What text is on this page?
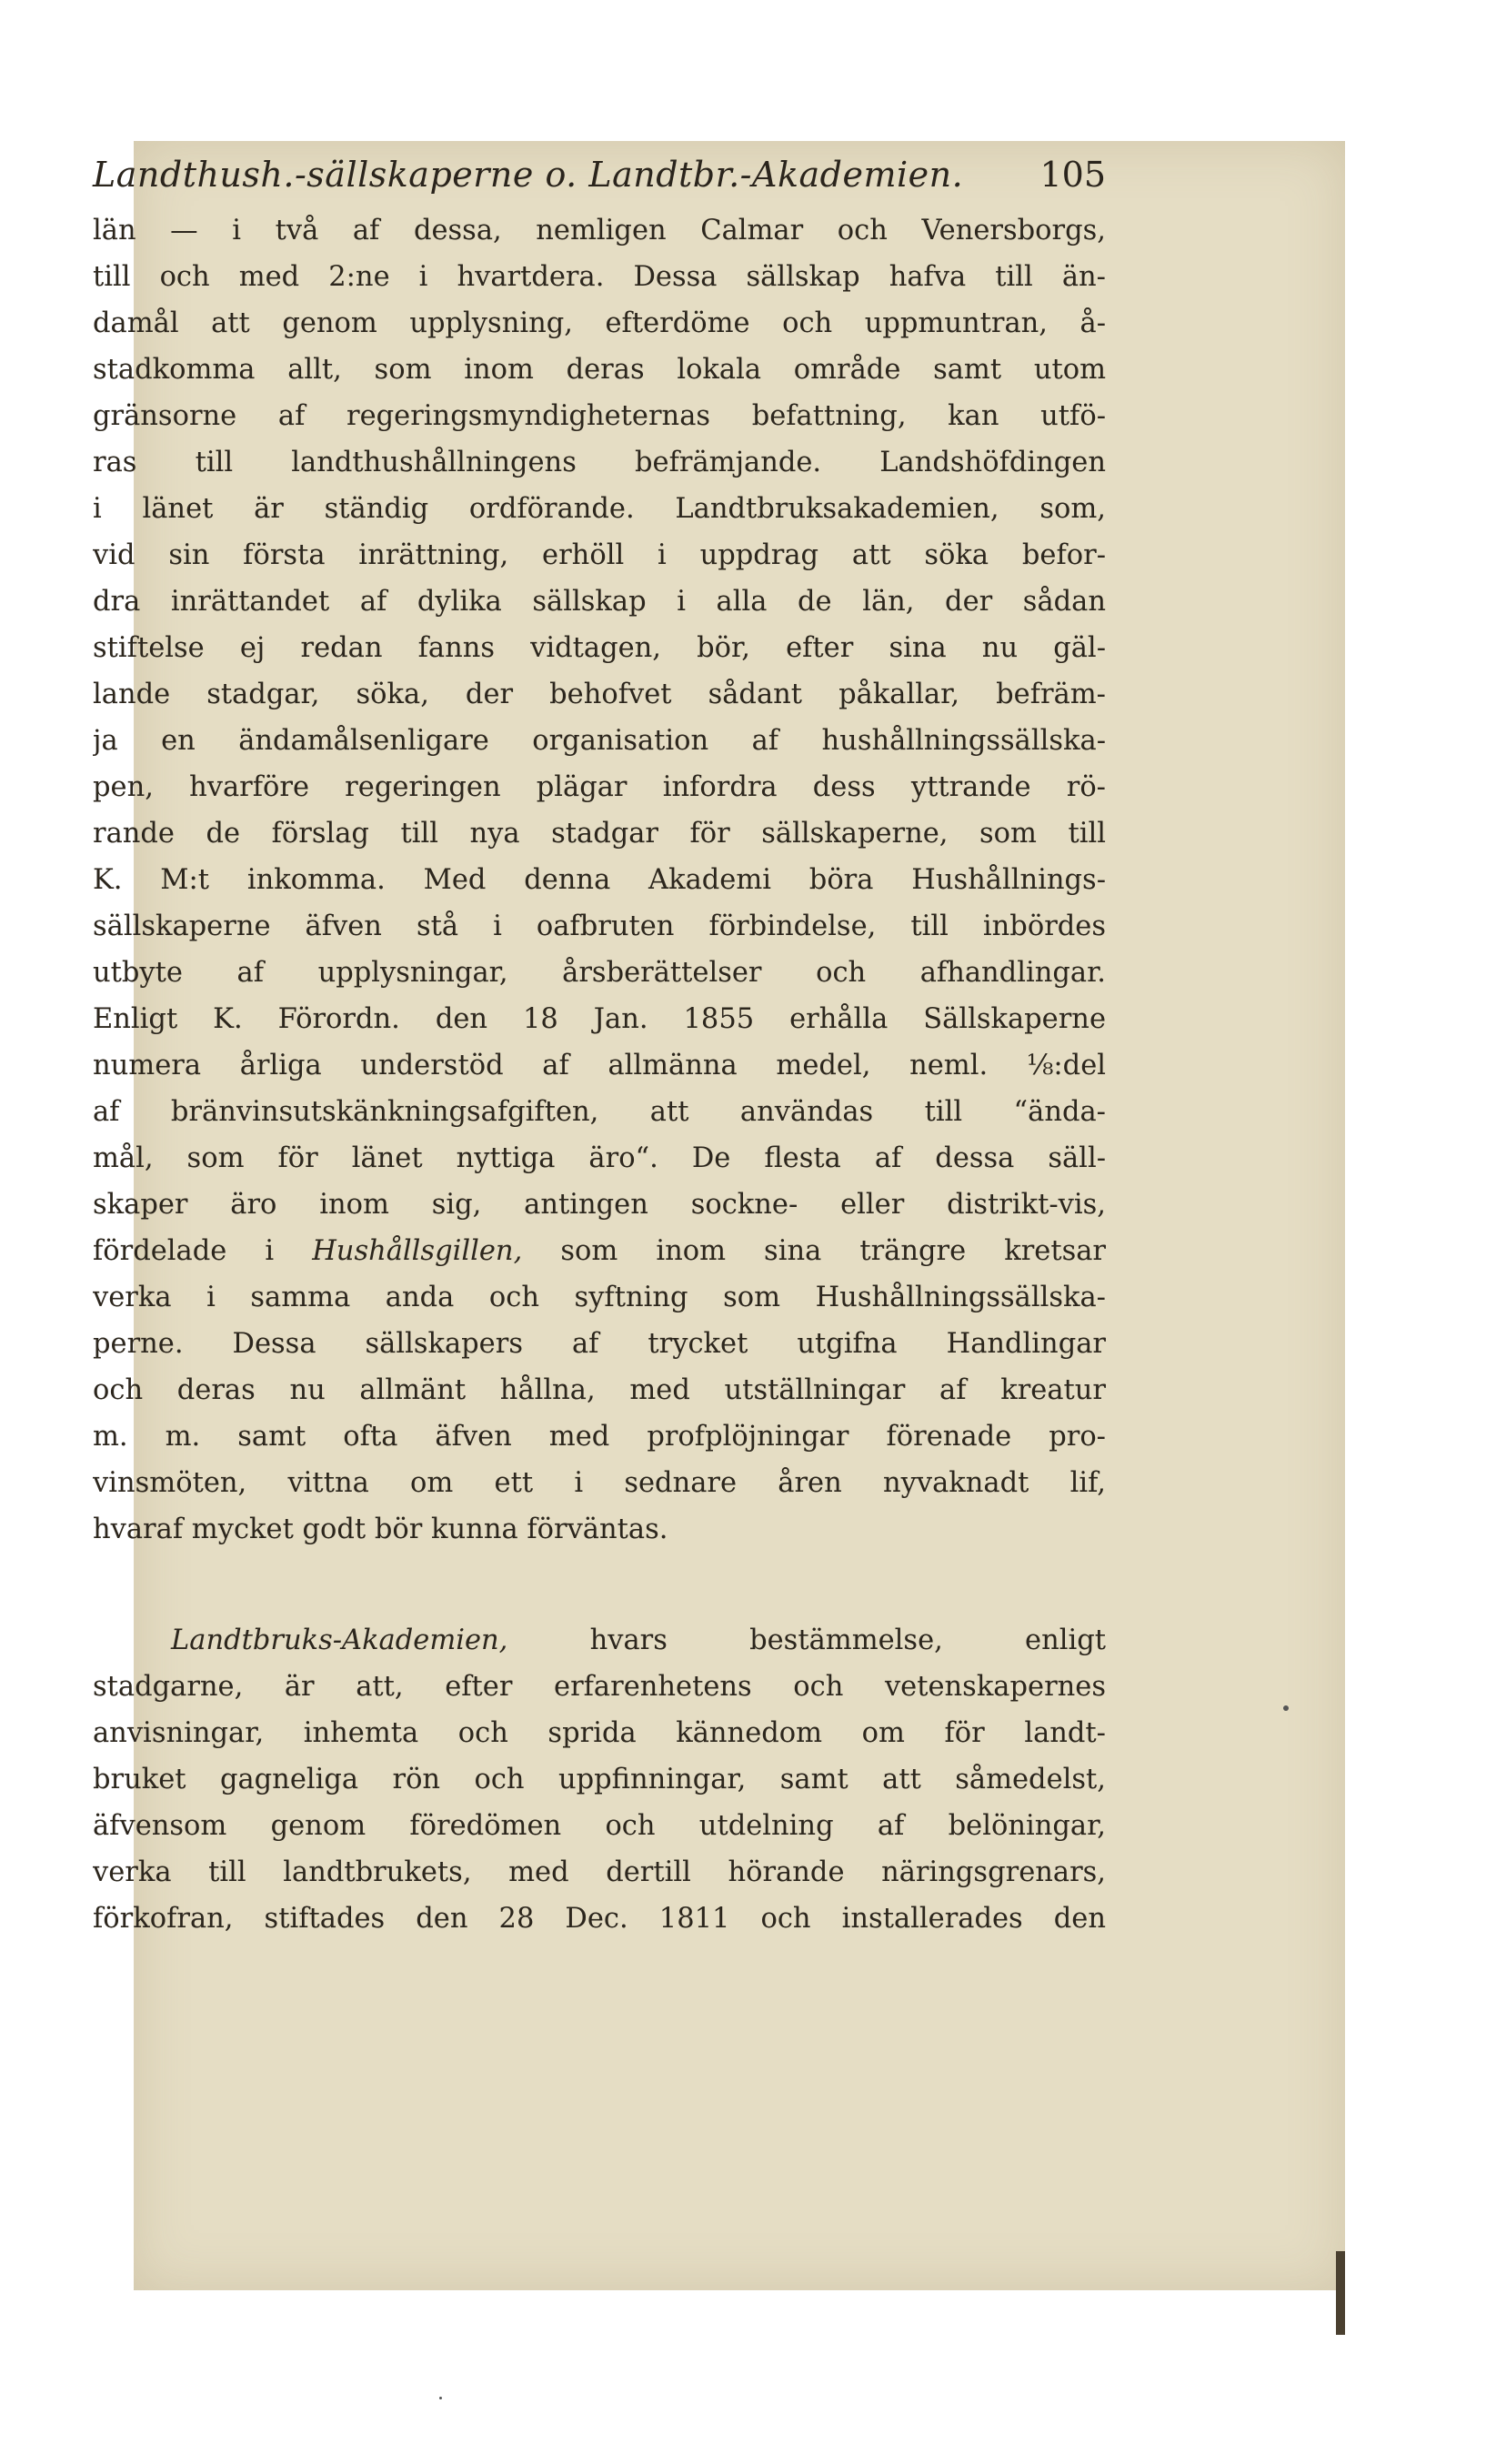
Landthush.-sällskaperne o. Landtbr.-Akademien. 105
län — i två af dessa, nemligen Calmar och Venersborgs,
till och med 2:ne i hvartdera. Dessa sällskap hafva till än-
damål att genom upplysning, efterdöme och uppmuntran, å-
stadkomma allt, som inom deras lokala område samt utom
gränsorne af regeringsmyndigheternas befattning, kan utfö-
ras till landthushållningens befrämjande. Landshöfdingen
i länet är ständig ordförande. Landtbruksakademien, som,
vid sin första inrättning, erhöll i uppdrag att söka befor-
dra inrättandet af dylika sällskap i alla de län, der sådan
stiftelse ej redan fanns vidtagen, bör, efter sina nu gäl-
lande stadgar, söka, der behofvet sådant påkallar, befräm-
ja en ändamålsenligare organisation af hushållningssällska-
pen, hvarföre regeringen plägar infordra dess yttrande rö-
rande de förslag till nya stadgar för sällskaperne, som till
K. M:t inkomma. Med denna Akademi böra Hushållnings-
sällskaperne äfven stå i oafbruten förbindelse, till inbördes
utbyte af upplysningar, årsberättelser och afhandlingar.
Enligt K. Förordn. den 18 Jan. 1855 erhålla Sällskaperne
numera årliga understöd af allmänna medel, neml. ⅛:del
af bränvinsutskänkningsafgiften, att användas till “ända-
mål, som för länet nyttiga äro“. De flesta af dessa säll-
skaper äro inom sig, antingen sockne- eller distrikt-vis,
fördelade i Hushållsgillen, som inom sina trängre kretsar
verka i samma anda och syftning som Hushållningssällska-
perne. Dessa sällskapers af trycket utgifna Handlingar
och deras nu allmänt hållna, med utställningar af kreatur
m. m. samt ofta äfven med profplöjningar förenade pro-
vinsmöten, vittna om ett i sednare åren nyvaknadt lif,
hvaraf mycket godt bör kunna förväntas.
Landtbruks-Akademien,	hvars bestämmelse, enligt
stadgarne, är att, efter erfarenhetens och vetenskapernes
anvisningar, inhemta och sprida kännedom om för landt-
bruket gagneliga rön och uppfinningar, samt att såmedelst,
äfvensom genom föredömen och utdelning af belöningar,
verka till landtbrukets, med dertill hörande näringsgrenars,
förkofran, stiftades den 28 Dec. 1811 och installerades den
